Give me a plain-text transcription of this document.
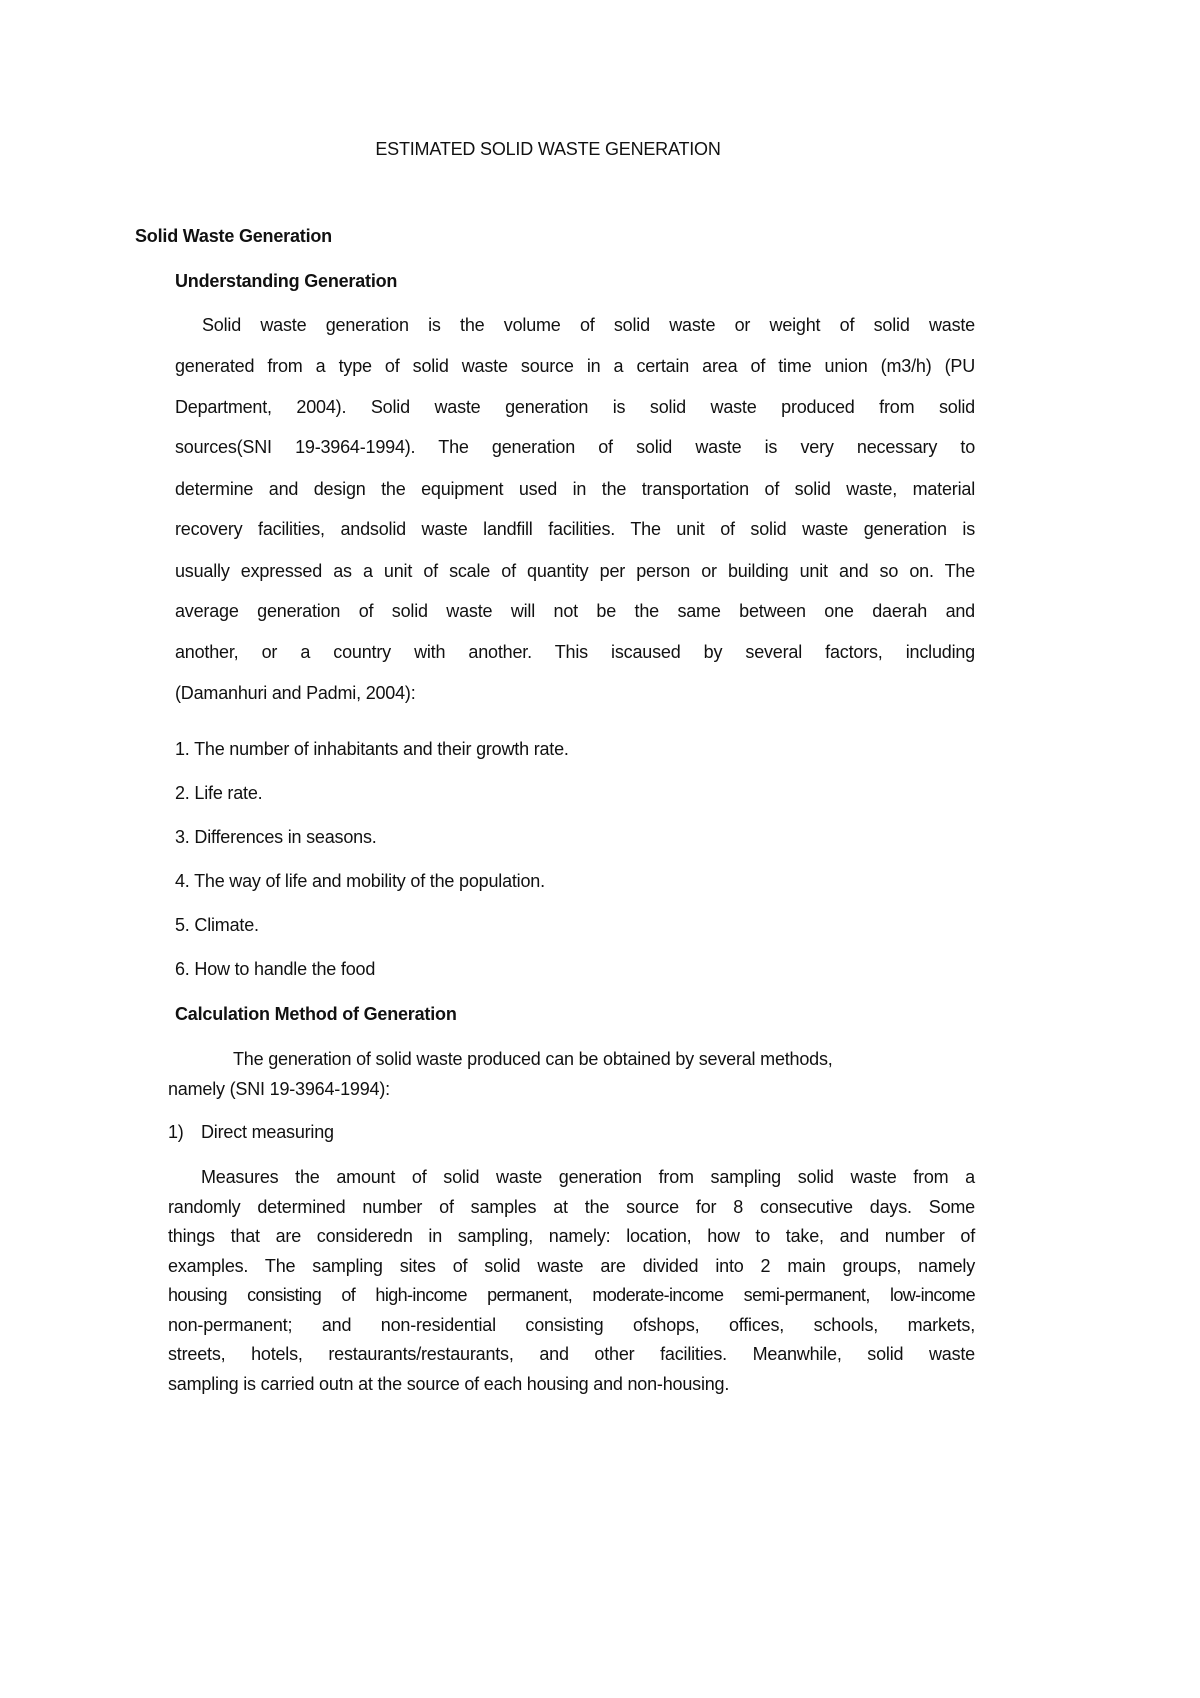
ESTIMATED SOLID WASTE GENERATION
Solid Waste Generation
Understanding Generation
Solid waste generation is the volume of solid waste or weight of solid waste
generated from a type of solid waste source in a certain area of time union (m3/h) (PU
Department, 2004). Solid waste generation is solid waste produced from solid
sources(SNI 19-3964-1994). The generation of solid waste is very necessary to
determine and design the equipment used in the transportation of solid waste, material
recovery facilities, andsolid waste landfill facilities. The unit of solid waste generation is
usually expressed as a unit of scale of quantity per person or building unit and so on. The
average generation of solid waste will not be the same between one daerah and
another, or a country with another. This iscaused by several factors, including
(Damanhuri and Padmi, 2004):
1. The number of inhabitants and their growth rate.
2. Life rate.
3. Differences in seasons.
4. The way of life and mobility of the population.
5. Climate.
6. How to handle the food
Calculation Method of Generation
The generation of solid waste produced can be obtained by several methods,
namely (SNI 19-3964-1994):
1) Direct measuring
Measures the amount of solid waste generation from sampling solid waste from a
randomly determined number of samples at the source for 8 consecutive days. Some
things that are consideredn in sampling, namely: location, how to take, and number of
examples. The sampling sites of solid waste are divided into 2 main groups, namely
housing consisting of high-income permanent, moderate-income semi-permanent, low-income
non-permanent; and non-residential consisting ofshops, offices, schools, markets,
streets, hotels, restaurants/restaurants, and other facilities. Meanwhile, solid waste
sampling is carried outn at the source of each housing and non-housing.
